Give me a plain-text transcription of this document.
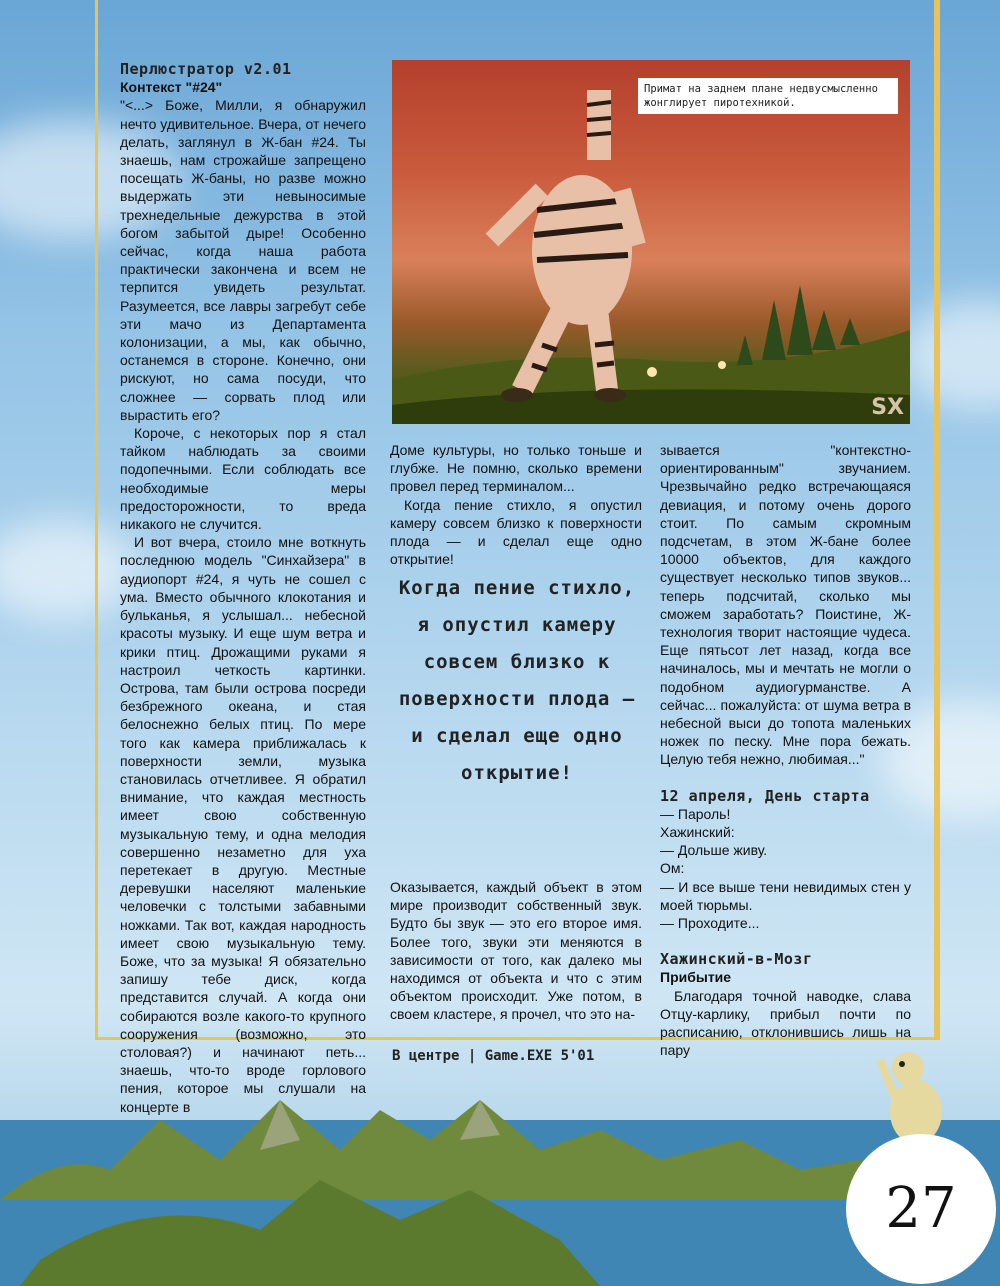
Перлюстратор v2.01
Контекст "#24"

"<...> Боже, Милли, я обнаружил нечто удивительное. Вчера, от нечего делать, заглянул в Ж-бан #24. Ты знаешь, нам строжайше запрещено посещать Ж-баны, но разве можно выдержать эти невыносимые трехнедельные дежурства в этой богом забытой дыре! Особенно сейчас, когда наша работа практически закончена и всем не терпится увидеть результат. Разумеется, все лавры загребут себе эти мачо из Департамента колонизации, а мы, как обычно, останемся в стороне. Конечно, они рискуют, но сама посуди, что сложнее — сорвать плод или вырастить его?

Короче, с некоторых пор я стал тайком наблюдать за своими подопечными. Если соблюдать все необходимые меры предосторожности, то вреда никакого не случится.

И вот вчера, стоило мне воткнуть последнюю модель "Синхайзера" в аудиопорт #24, я чуть не сошел с ума. Вместо обычного клокотания и бульканья, я услышал... небесной красоты музыку. И еще шум ветра и крики птиц. Дрожащими руками я настроил четкость картинки. Острова, там были острова посреди безбрежного океана, и стая белоснежно белых птиц. По мере того как камера приближалась к поверхности земли, музыка становилась отчетливее. Я обратил внимание, что каждая местность имеет свою собственную музыкальную тему, и одна мелодия совершенно незаметно для уха перетекает в другую. Местные деревушки населяют маленькие человечки с толстыми забавными ножками. Так вот, каждая народность имеет свою музыкальную тему. Боже, что за музыка! Я обязательно запишу тебе диск, когда представится случай. А когда они собираются возле какого-то крупного сооружения (возможно, это столовая?) и начинают петь... знаешь, что-то вроде горлового пения, которое мы слушали на концерте в

SX
Примат на заднем плане недвусмысленно жонглирует пиротехникой.

Доме культуры, но только тоньше и глубже. Не помню, сколько времени провел перед терминалом...

Когда пение стихло, я опустил камеру совсем близко к поверхности плода — и сделал еще одно открытие!

Когда пение стихло, я опустил камеру совсем близко к поверхности плода — и сделал еще одно открытие!

Оказывается, каждый объект в этом мире производит собственный звук. Будто бы звук — это его второе имя. Более того, звуки эти меняются в зависимости от того, как далеко мы находимся от объекта и что с этим объектом происходит. Уже потом, в своем кластере, я прочел, что это на-

зывается "контекстно-ориентированным" звучанием. Чрезвычайно редко встречающаяся девиация, и потому очень дорого стоит. По самым скромным подсчетам, в этом Ж-бане более 10000 объектов, для каждого существует несколько типов звуков... теперь подсчитай, сколько мы сможем заработать? Поистине, Ж-технология творит настоящие чудеса. Еще пятьсот лет назад, когда все начиналось, мы и мечтать не могли о подобном аудиогурманстве. А сейчас... пожалуйста: от шума ветра в небесной выси до топота маленьких ножек по песку. Мне пора бежать. Целую тебя нежно, любимая..."

12 апреля, День старта

— Пароль!

Хажинский:

— Дольше живу.

Ом:

— И все выше тени невидимых стен у моей тюрьмы.

— Проходите...

Хажинский-в-Мозг
Прибытие

Благодаря точной наводке, слава Отцу-карлику, прибыл почти по расписанию, отклонившись лишь на пару

В центре | Game.EXE 5'01
27
